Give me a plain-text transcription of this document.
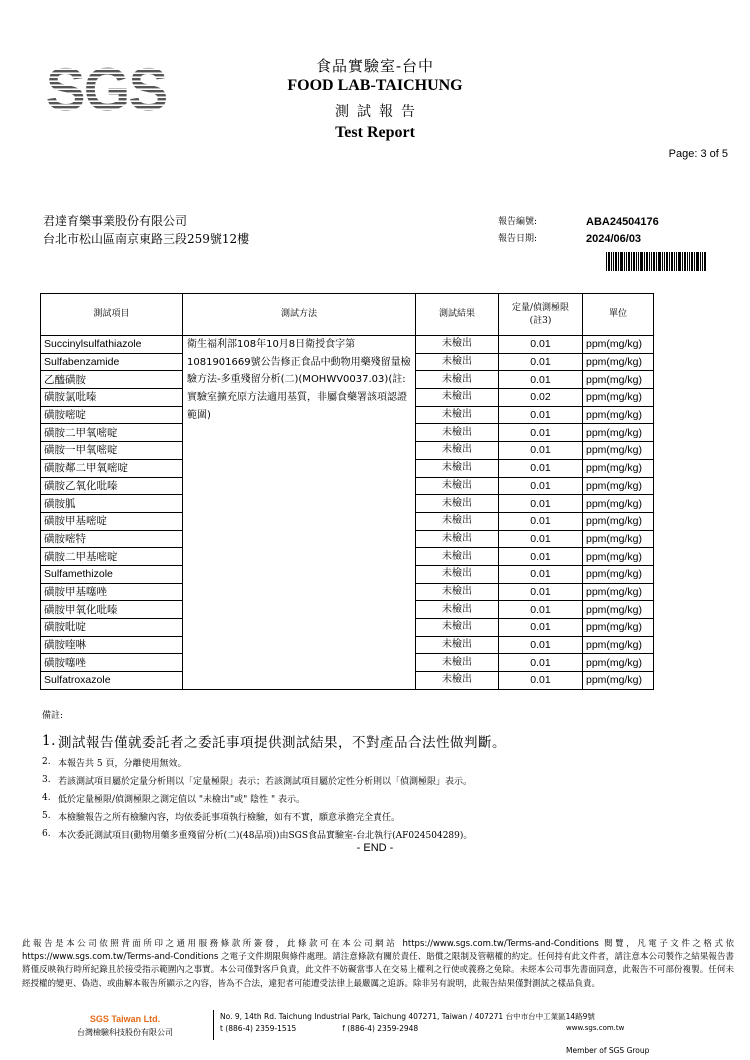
SGS	食品實驗室-台中
FOOD LAB-TAICHUNG
測試報告
Test Report
Page: 3 of 5
君達育樂事業股份有限公司
台北市松山區南京東路三段259號12樓
報告編號:	ABA24504176
報告日期:	2024/06/03
測試項目	測試方法	測試結果	定量/偵測極限(註3)	單位
Succinylsulfathiazole	衛生福利部108年10月8日衛授食字第1081901669號公告修正食品中動物用藥殘留量檢驗方法-多重殘留分析(二)(MOHWV0037.03)(註:實驗室擴充原方法適用基質，非屬食藥署該項認證範圍)	未檢出	0.01	ppm(mg/kg)
Sulfabenzamide		未檢出	0.01	ppm(mg/kg)
乙醯磺胺		未檢出	0.01	ppm(mg/kg)
磺胺氯吡嗪		未檢出	0.02	ppm(mg/kg)
磺胺嘧啶		未檢出	0.01	ppm(mg/kg)
磺胺二甲氧嘧啶		未檢出	0.01	ppm(mg/kg)
磺胺一甲氧嘧啶		未檢出	0.01	ppm(mg/kg)
磺胺鄰二甲氧嘧啶		未檢出	0.01	ppm(mg/kg)
磺胺乙氧化吡嗪		未檢出	0.01	ppm(mg/kg)
磺胺胍		未檢出	0.01	ppm(mg/kg)
磺胺甲基嘧啶		未檢出	0.01	ppm(mg/kg)
磺胺嘧特		未檢出	0.01	ppm(mg/kg)
磺胺二甲基嘧啶		未檢出	0.01	ppm(mg/kg)
Sulfamethizole		未檢出	0.01	ppm(mg/kg)
磺胺甲基噻唑		未檢出	0.01	ppm(mg/kg)
磺胺甲氧化吡嗪		未檢出	0.01	ppm(mg/kg)
磺胺吡啶		未檢出	0.01	ppm(mg/kg)
磺胺喹啉		未檢出	0.01	ppm(mg/kg)
磺胺噻唑		未檢出	0.01	ppm(mg/kg)
Sulfatroxazole		未檢出	0.01	ppm(mg/kg)
備註:
1. 測試報告僅就委託者之委託事項提供測試結果，不對產品合法性做判斷。
2. 本報告共 5 頁，分離使用無效。
3. 若該測試項目屬於定量分析則以「定量極限」表示；若該測試項目屬於定性分析則以「偵測極限」表示。
4. 低於定量極限/偵測極限之測定值以 "未檢出"或" 陰性 " 表示。
5. 本檢驗報告之所有檢驗內容，均依委託事項執行檢驗，如有不實，願意承擔完全責任。
6. 本次委託測試項目(動物用藥多重殘留分析(二)(48品項))由SGS食品實驗室-台北執行(AF024504289)。
- END -
此報告是本公司依照背面所印之通用服務條款所簽發，此條款可在本公司網站 https://www.sgs.com.tw/Terms-and-Conditions 閱覽，凡電子文件之格式依 https://www.sgs.com.tw/Terms-and-Conditions 之電子文件期限與條件處理。請注意條款有關於責任、賠償之限制及管轄權的約定。任何持有此文件者，請注意本公司製作之結果報告書將僅反映執行時所紀錄且於接受指示範圍內之事實。本公司僅對客戶負責，此文件不妨礙當事人在交易上權利之行使或義務之免除。未經本公司事先書面同意，此報告不可部份複製。任何未經授權的變更、偽造、或曲解本報告所顯示之內容，皆為不合法，違犯者可能遭受法律上最嚴厲之追訴。除非另有說明，此報告結果僅對測試之樣品負責。
SGS Taiwan Ltd.
台灣檢驗科技股份有限公司
No. 9, 14th Rd. Taichung Industrial Park, Taichung 407271, Taiwan / 407271 台中市台中工業區14路9號
t (886-4) 2359-1515	f (886-4) 2359-2948	www.sgs.com.tw
Member of SGS Group
